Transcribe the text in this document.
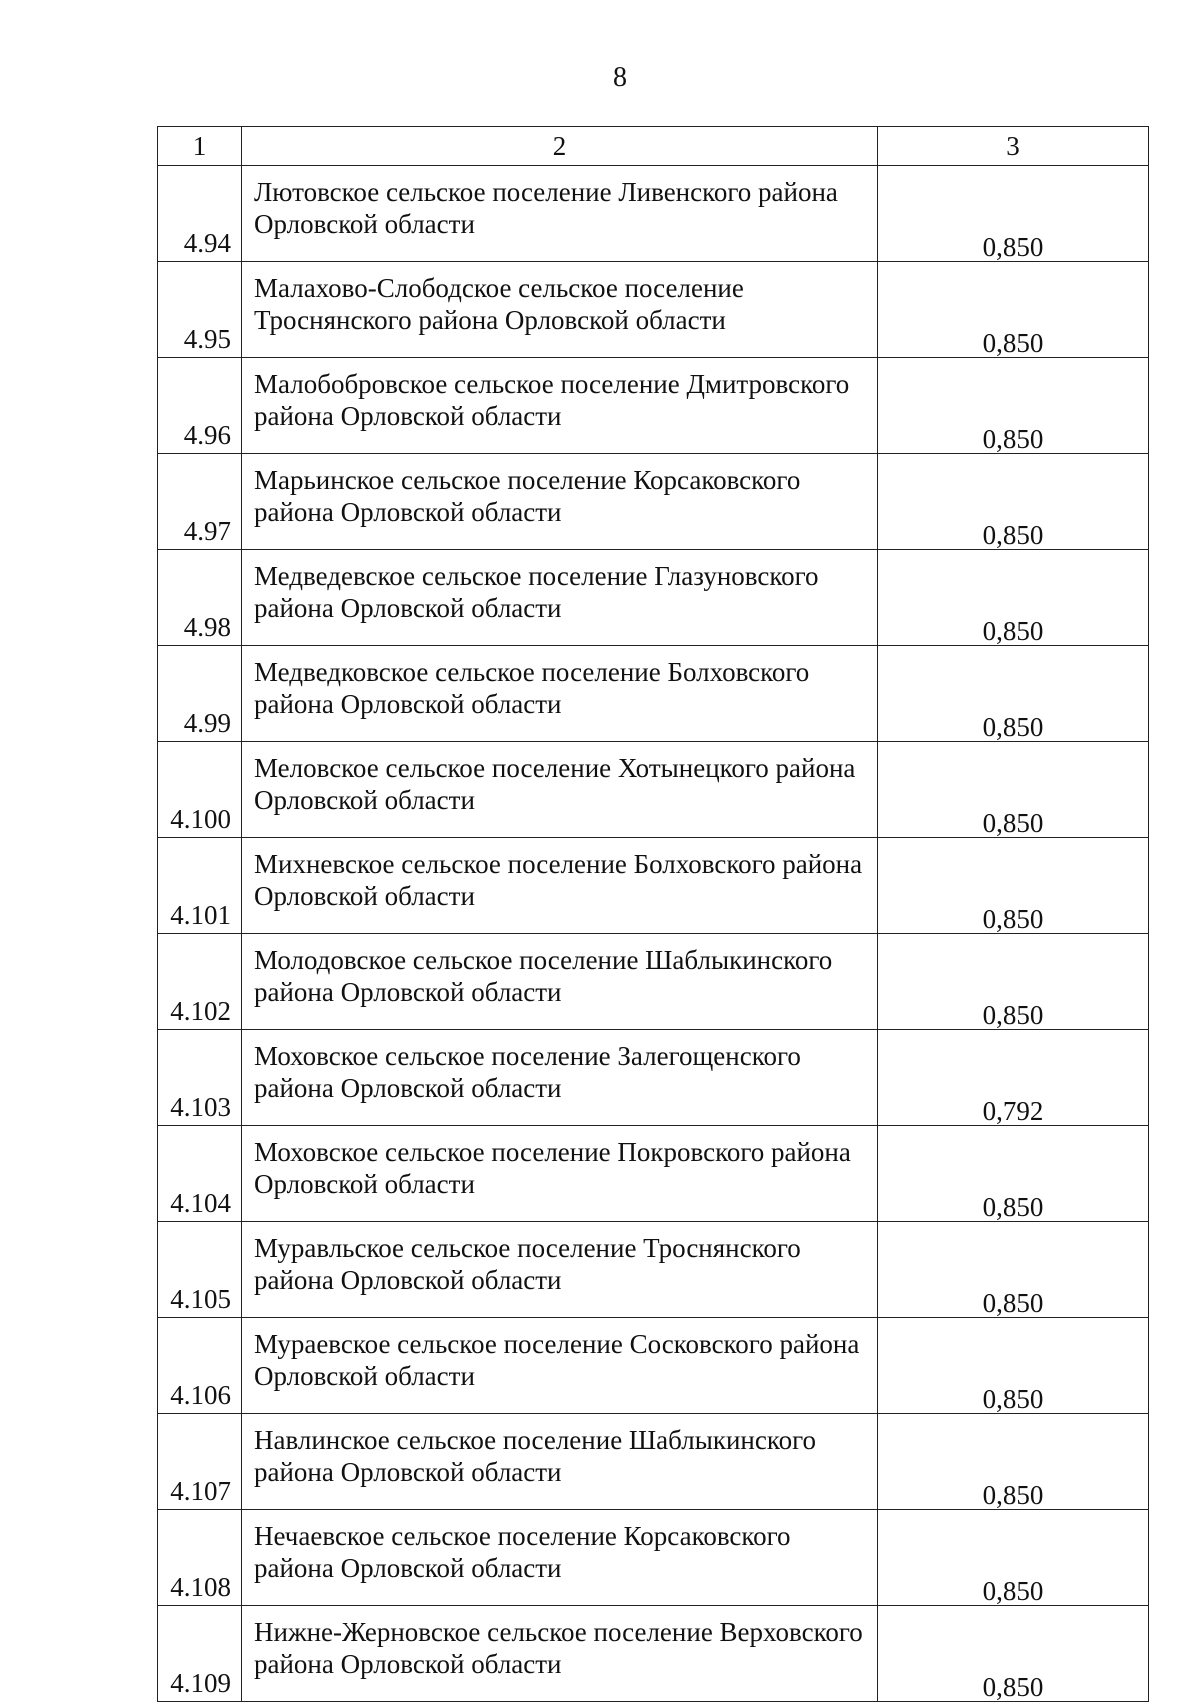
8
1	2	3
4.94	Лютовское сельское поселение Ливенского района Орловской области	0,850
4.95	Малахово-Слободское сельское поселение Троснянского района Орловской области	0,850
4.96	Малобобровское сельское поселение Дмитровского района Орловской области	0,850
4.97	Марьинское сельское поселение Корсаковского района Орловской области	0,850
4.98	Медведевское сельское поселение Глазуновского района Орловской области	0,850
4.99	Медведковское сельское поселение Болховского района Орловской области	0,850
4.100	Меловское сельское поселение Хотынецкого района Орловской области	0,850
4.101	Михневское сельское поселение Болховского района Орловской области	0,850
4.102	Молодовское сельское поселение Шаблыкинского района Орловской области	0,850
4.103	Моховское сельское поселение Залегощенского района Орловской области	0,792
4.104	Моховское сельское поселение Покровского района Орловской области	0,850
4.105	Муравльское сельское поселение Троснянского района Орловской области	0,850
4.106	Мураевское сельское поселение Сосковского района Орловской области	0,850
4.107	Навлинское сельское поселение Шаблыкинского района Орловской области	0,850
4.108	Нечаевское сельское поселение Корсаковского района Орловской области	0,850
4.109	Нижне-Жерновское сельское поселение Верховского района Орловской области	0,850
